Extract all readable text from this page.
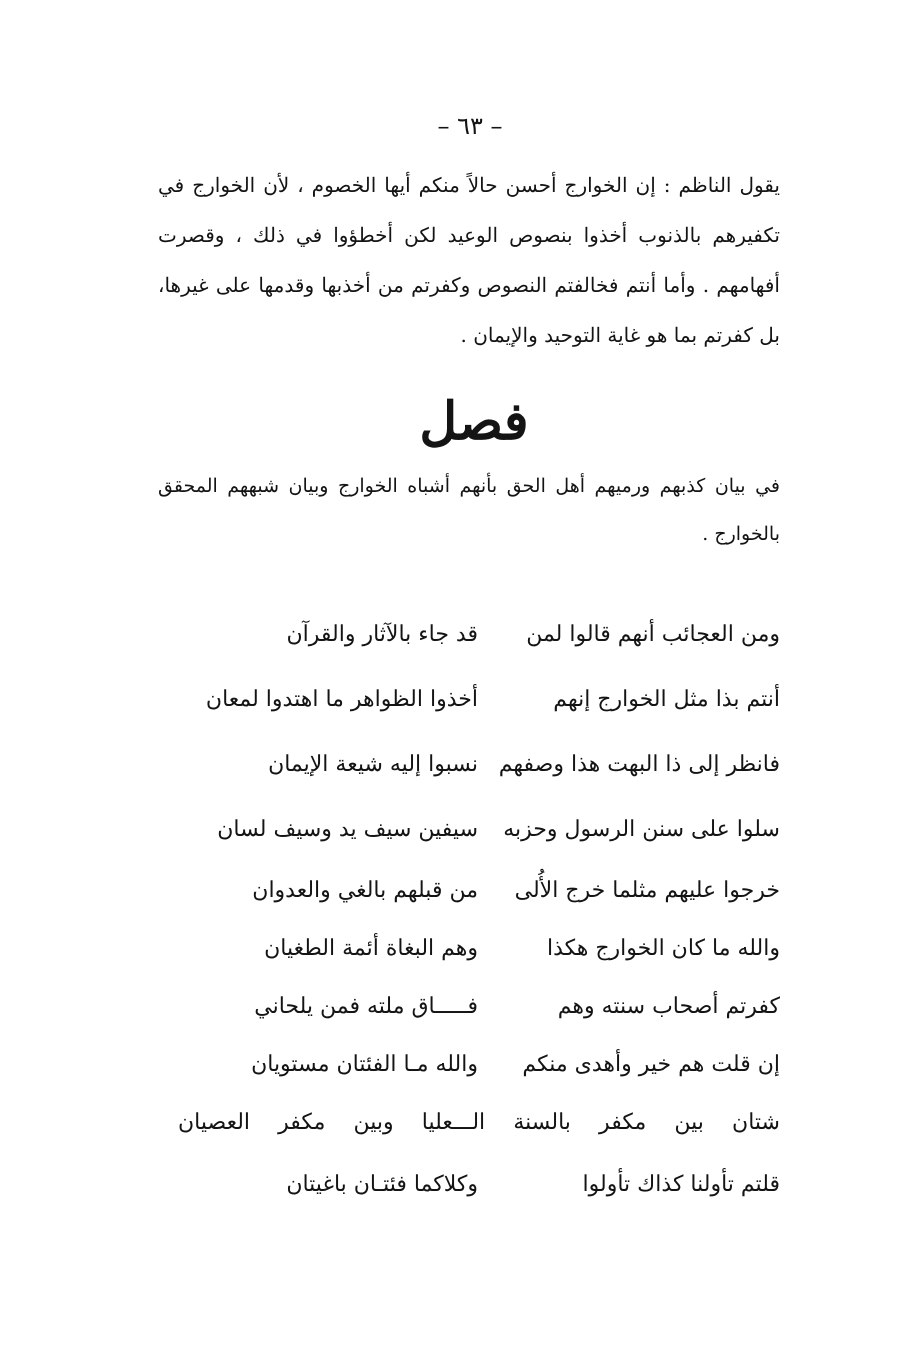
– ٦٣ –

يقول الناظم : إن الخوارج أحسن حالاً منكم أيها الخصوم ، لأن الخوارج في تكفيرهم بالذنوب أخذوا بنصوص الوعيد لكن أخطؤوا في ذلك ، وقصرت أفهامهم . وأما أنتم فخالفتم النصوص وكفرتم من أخذبها وقدمها على غيرها، بل كفرتم بما هو غاية التوحيد والإيمان .

فصل

في بيان كذبهم ورميهم أهل الحق بأنهم أشباه الخوارج وبيان شبههم المحقق بالخوارج .

ومن العجائب أنهم قالوا لمن
قد جاء بالآثار والقرآن
أنتم بذا مثل الخوارج إنهم
أخذوا الظواهر ما اهتدوا لمعان
فانظر إلى ذا البهت هذا وصفهم
نسبوا إليه شيعة الإيمان
سلوا على سنن الرسول وحزبه
سيفين سيف يد وسيف لسان
خرجوا عليهم مثلما خرج الأُلى
من قبلهم بالغي والعدوان
والله ما كان الخوارج هكذا
وهم البغاة أئمة الطغيان
كفرتم أصحاب سنته وهم
فـــــاق ملته فمن يلحاني
إن قلت هم خير وأهدى منكم
والله مـا الفئتان مستويان
شتان بين مكفر بالسنة الـــعليا وبين مكفر العصيان
قلتم تأولنا كذاك تأولوا
وكلاكما فئتـان باغيتان
